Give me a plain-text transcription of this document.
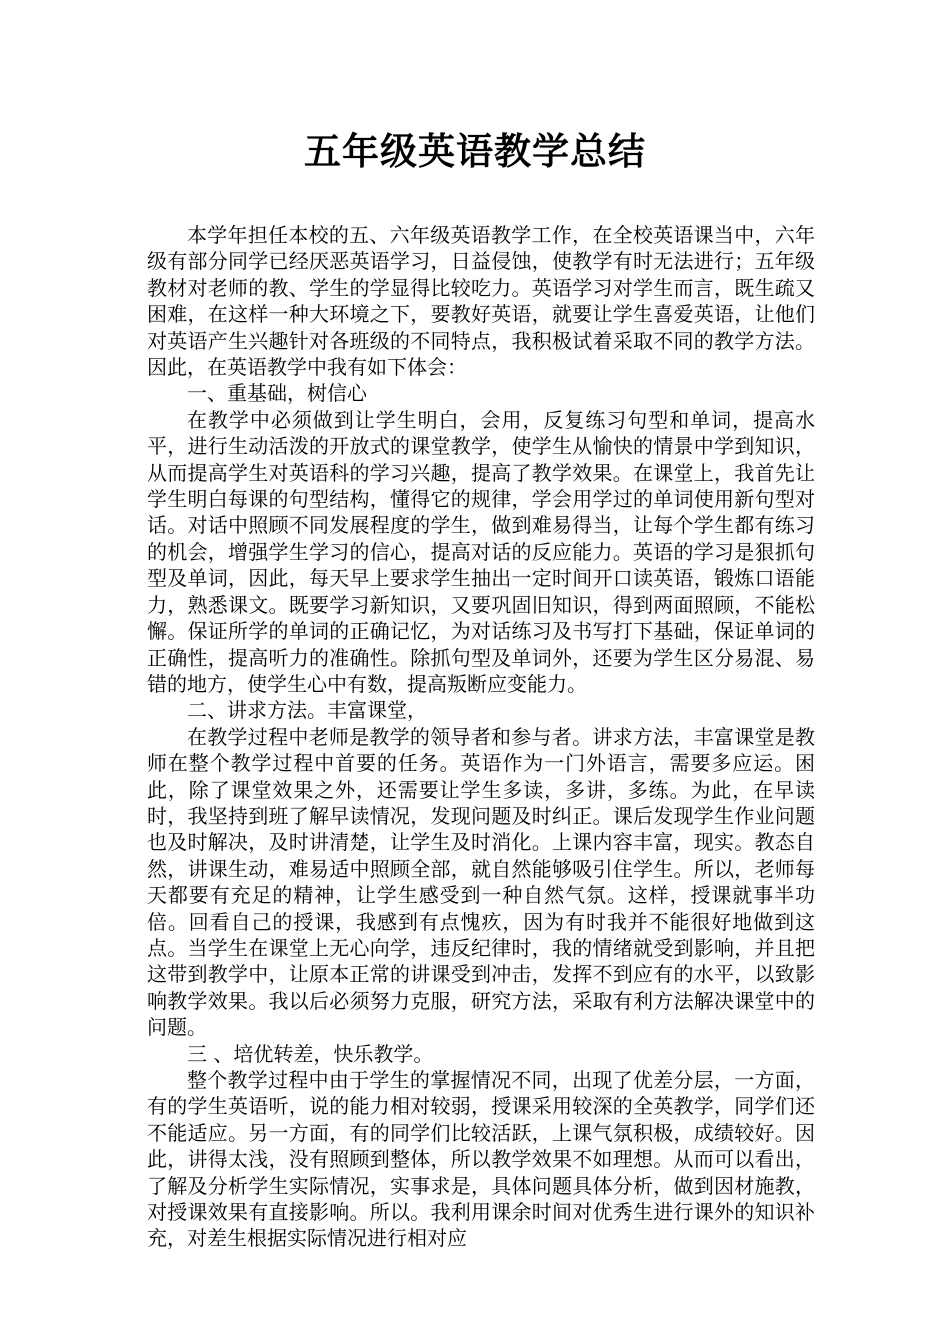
五年级英语教学总结

本学年担任本校的五、六年级英语教学工作，在全校英语课当中，六年级有部分同学已经厌恶英语学习，日益侵蚀，使教学有时无法进行；五年级教材对老师的教、学生的学显得比较吃力。英语学习对学生而言，既生疏又困难，在这样一种大环境之下，要教好英语，就要让学生喜爱英语，让他们对英语产生兴趣针对各班级的不同特点，我积极试着采取不同的教学方法。因此，在英语教学中我有如下体会：

一、重基础，树信心

在教学中必须做到让学生明白，会用，反复练习句型和单词，提高水平，进行生动活泼的开放式的课堂教学，使学生从愉快的情景中学到知识，从而提高学生对英语科的学习兴趣，提高了教学效果。在课堂上，我首先让学生明白每课的句型结构，懂得它的规律，学会用学过的单词使用新句型对话。对话中照顾不同发展程度的学生，做到难易得当，让每个学生都有练习的机会，增强学生学习的信心，提高对话的反应能力。英语的学习是狠抓句型及单词，因此，每天早上要求学生抽出一定时间开口读英语，锻炼口语能力，熟悉课文。既要学习新知识，又要巩固旧知识，得到两面照顾，不能松懈。保证所学的单词的正确记忆，为对话练习及书写打下基础，保证单词的正确性，提高听力的准确性。除抓句型及单词外，还要为学生区分易混、易错的地方，使学生心中有数，提高叛断应变能力。

二、讲求方法。丰富课堂，

在教学过程中老师是教学的领导者和参与者。讲求方法，丰富课堂是教师在整个教学过程中首要的任务。英语作为一门外语言，需要多应运。困此，除了课堂效果之外，还需要让学生多读，多讲，多练。为此，在早读时，我坚持到班了解早读情况，发现问题及时纠正。课后发现学生作业问题也及时解决，及时讲清楚，让学生及时消化。上课内容丰富，现实。教态自然，讲课生动，难易适中照顾全部，就自然能够吸引住学生。所以，老师每天都要有充足的精神，让学生感受到一种自然气氛。这样，授课就事半功倍。回看自己的授课，我感到有点愧疚，因为有时我并不能很好地做到这点。当学生在课堂上无心向学，违反纪律时，我的情绪就受到影响，并且把这带到教学中，让原本正常的讲课受到冲击，发挥不到应有的水平，以致影响教学效果。我以后必须努力克服，研究方法，采取有利方法解决课堂中的问题。

三 、培优转差，快乐教学。

整个教学过程中由于学生的掌握情况不同，出现了优差分层，一方面，有的学生英语听，说的能力相对较弱，授课采用较深的全英教学，同学们还不能适应。另一方面，有的同学们比较活跃，上课气氛积极，成绩较好。因此，讲得太浅，没有照顾到整体，所以教学效果不如理想。从而可以看出，了解及分析学生实际情况，实事求是，具体问题具体分析，做到因材施教，对授课效果有直接影响。所以。我利用课余时间对优秀生进行课外的知识补充，对差生根据实际情况进行相对应
